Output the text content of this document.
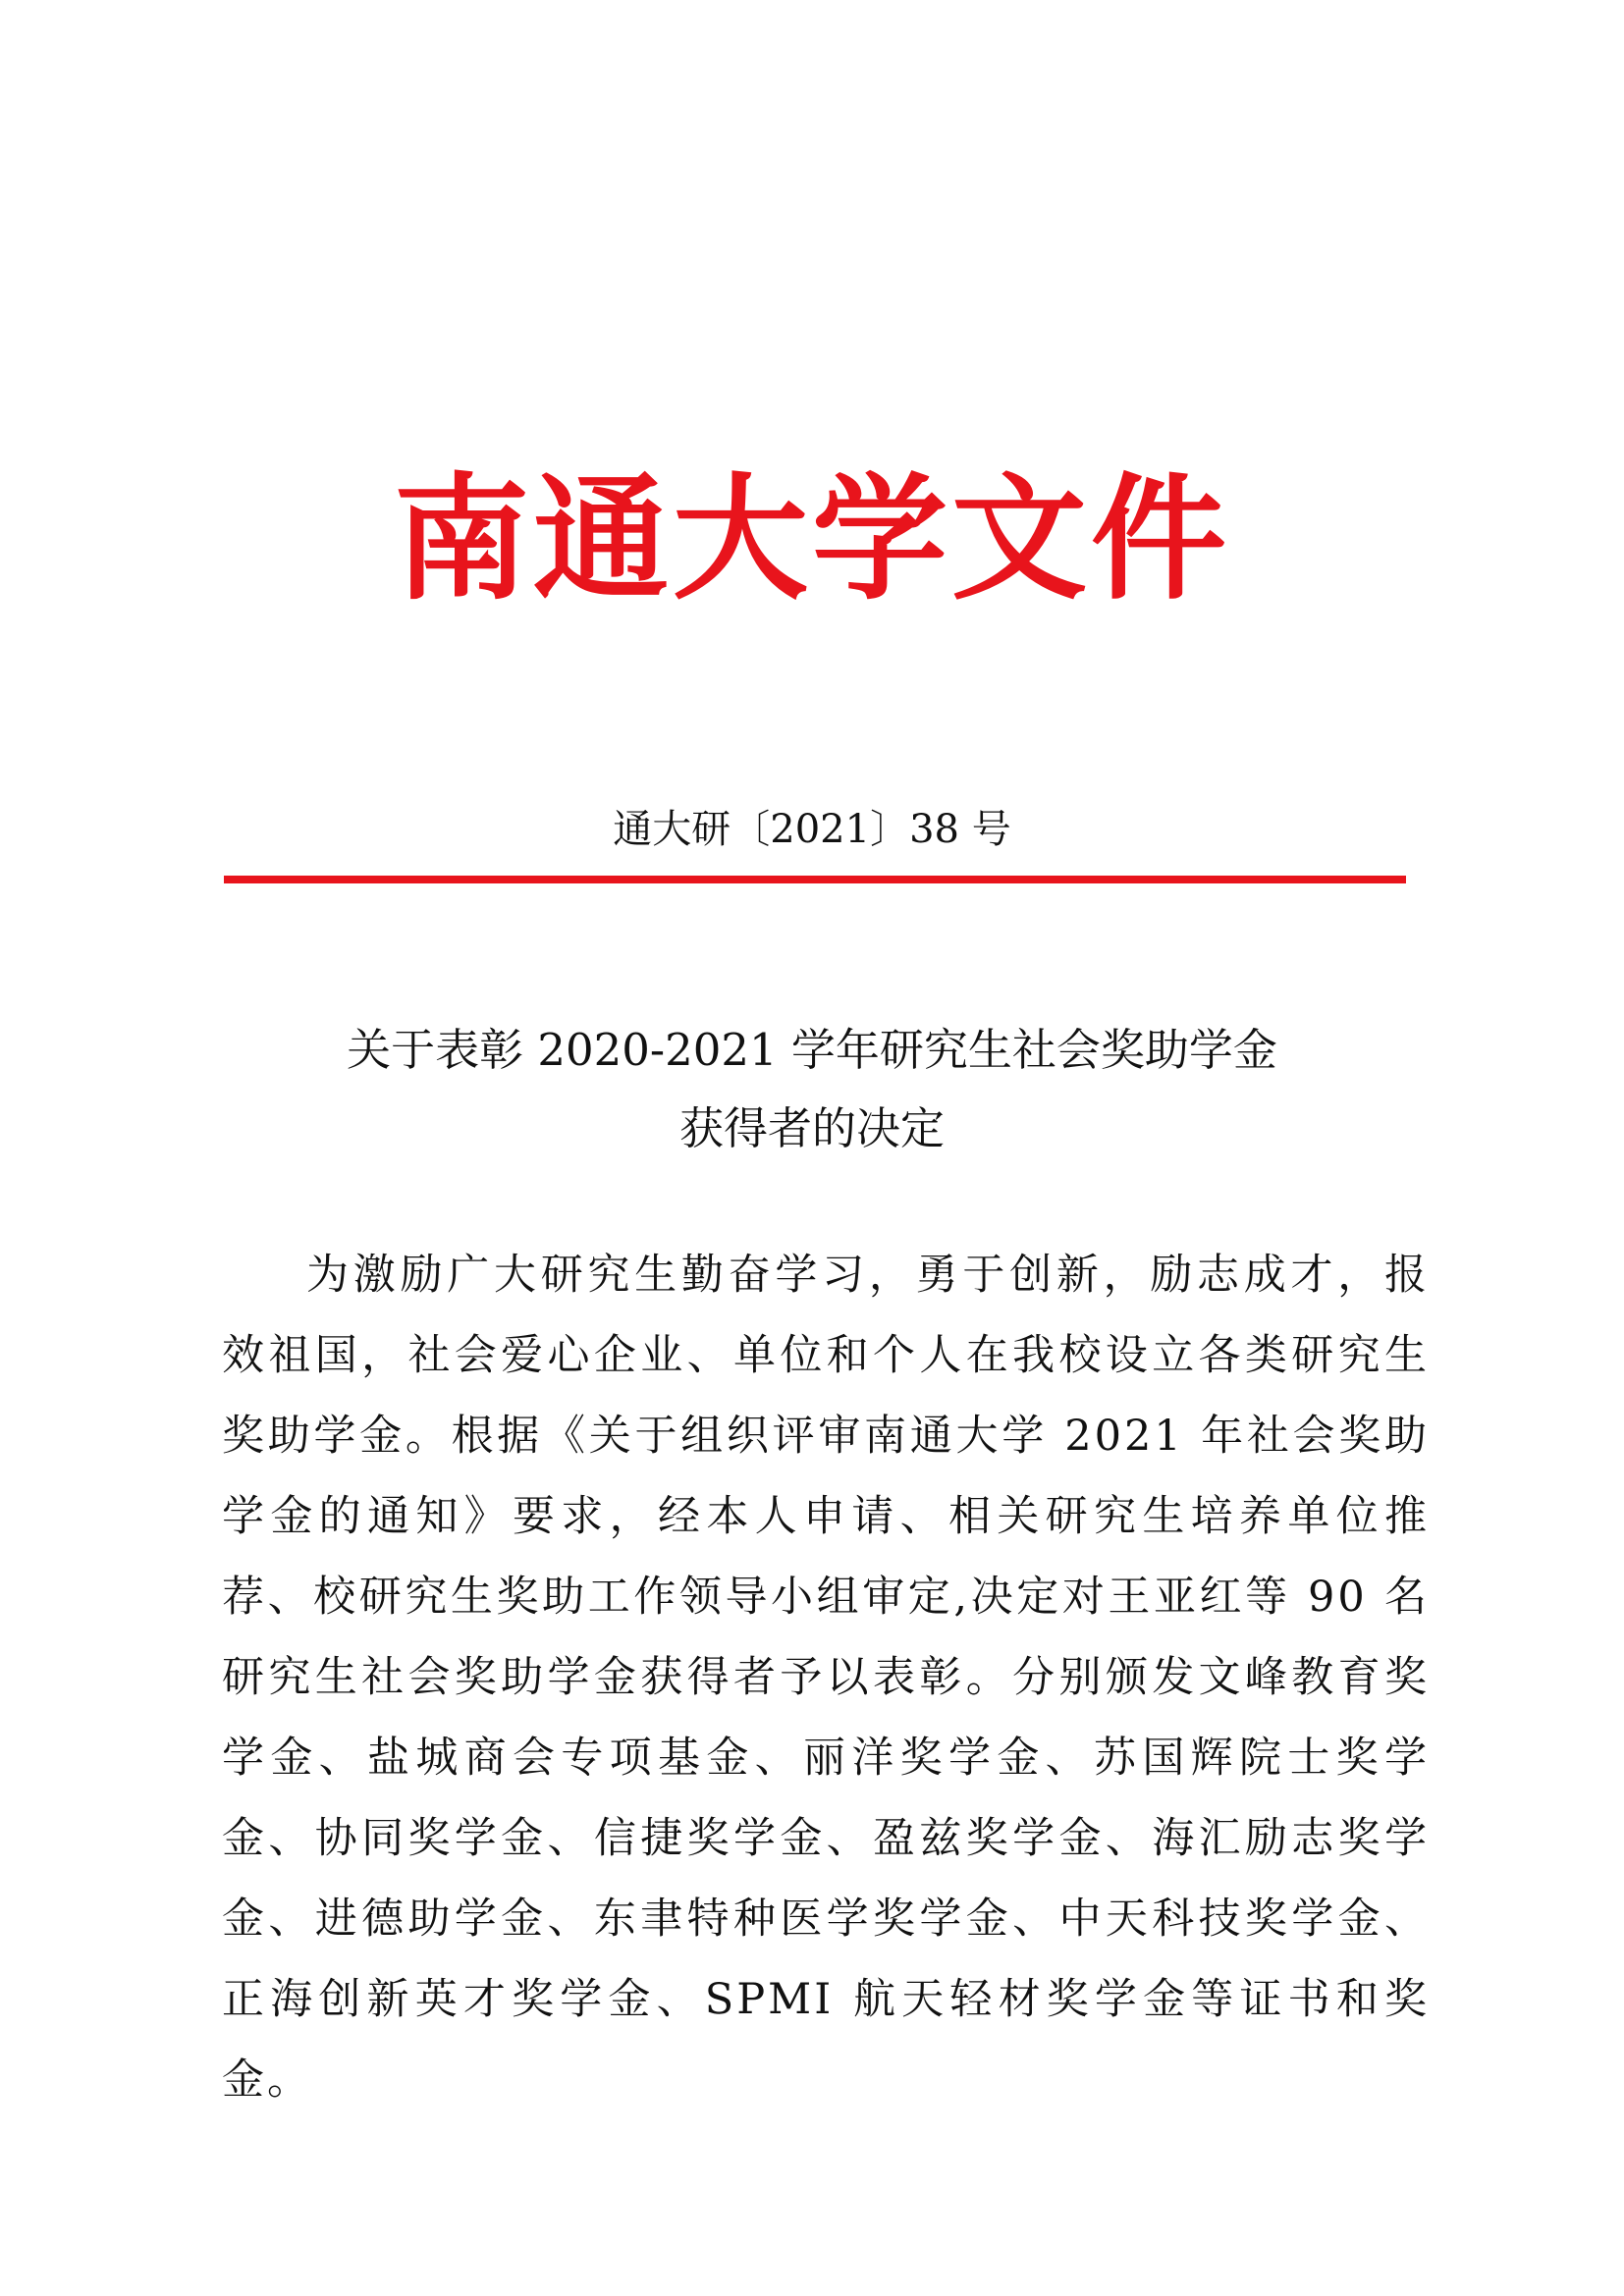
南通大学文件
通大研〔2021〕38 号
关于表彰 2020-2021 学年研究生社会奖助学金
获得者的决定
为激励广大研究生勤奋学习，勇于创新，励志成才，报效祖国，社会爱心企业、单位和个人在我校设立各类研究生奖助学金。根据《关于组织评审南通大学 2021 年社会奖助学金的通知》要求，经本人申请、相关研究生培养单位推荐、校研究生奖助工作领导小组审定,决定对王亚红等 90 名研究生社会奖助学金获得者予以表彰。分别颁发文峰教育奖学金、盐城商会专项基金、丽洋奖学金、苏国辉院士奖学金、协同奖学金、信捷奖学金、盈兹奖学金、海汇励志奖学金、进德助学金、东聿特种医学奖学金、中天科技奖学金、正海创新英才奖学金、SPMI 航天轻材奖学金等证书和奖金。
